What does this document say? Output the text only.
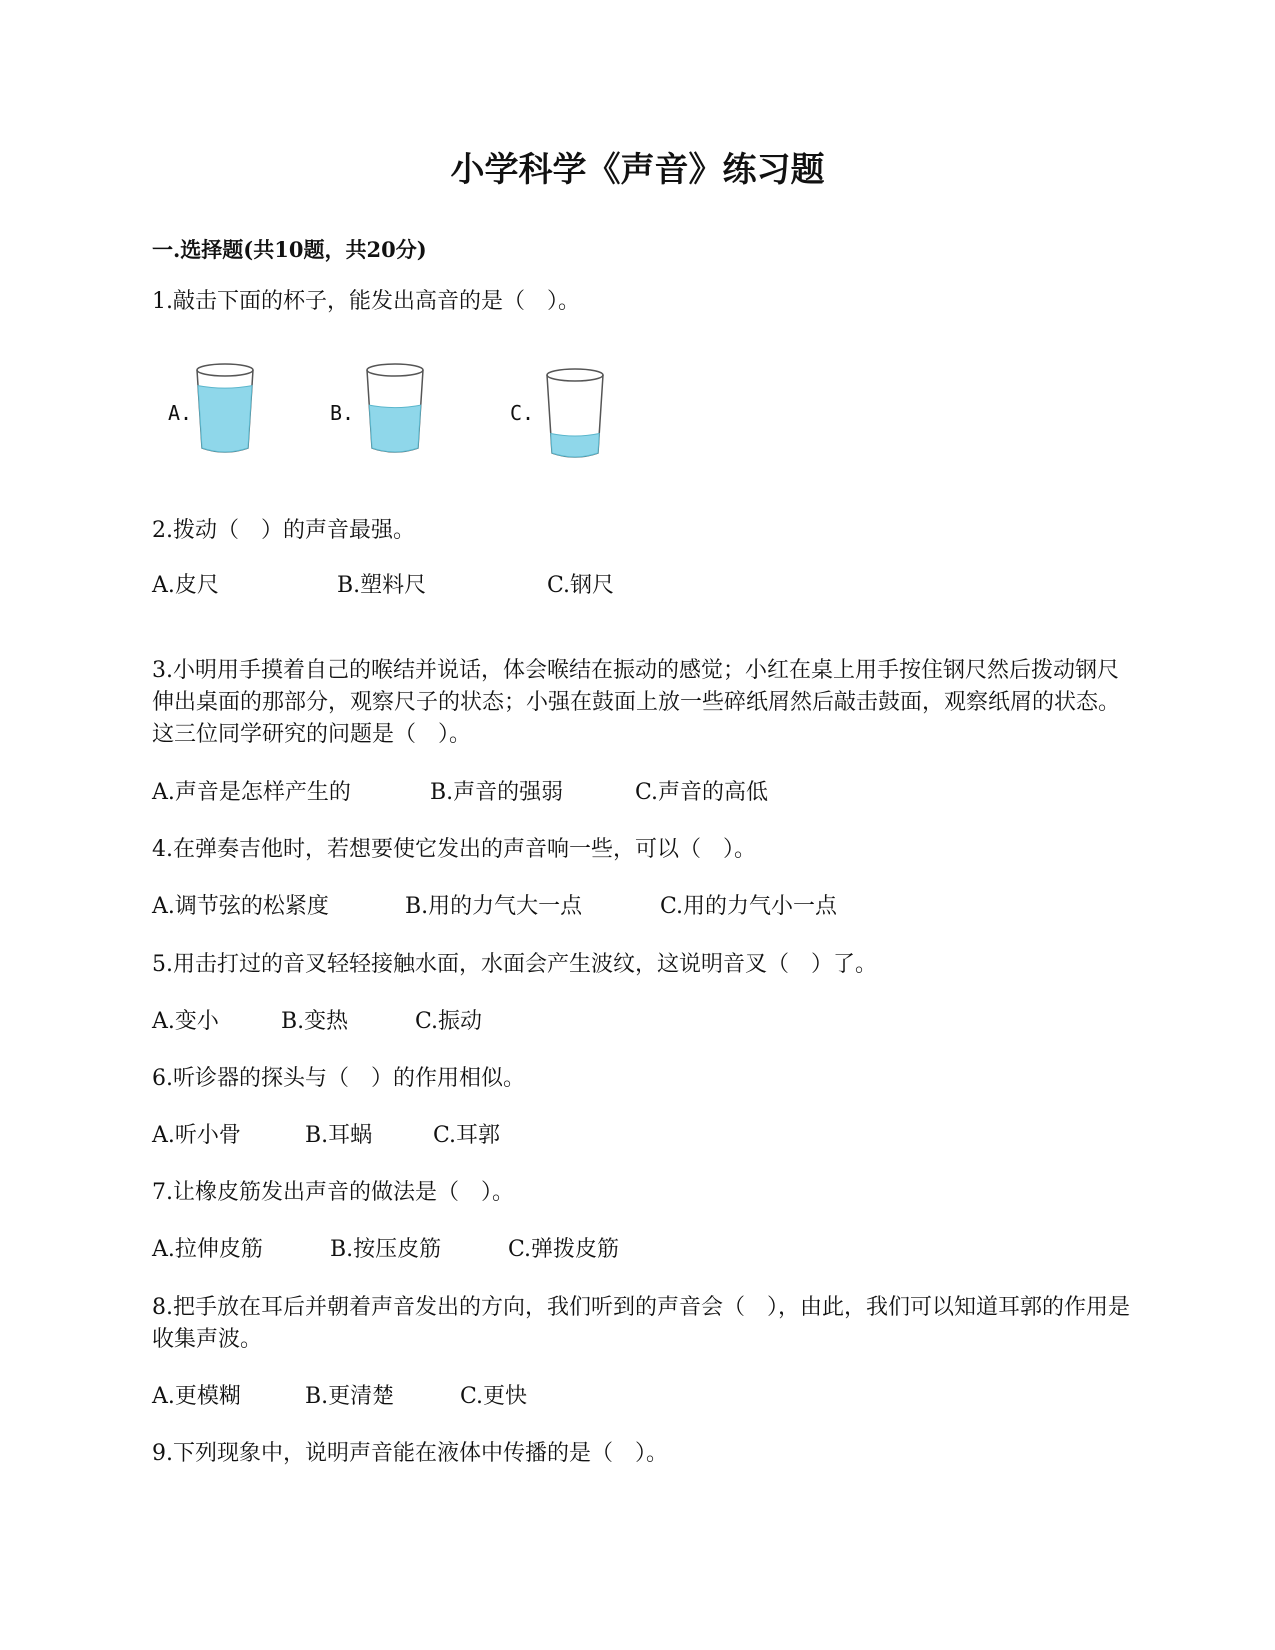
小学科学《声音》练习题
一.选择题(共10题，共20分)
1.敲击下面的杯子，能发出高音的是（　）。
A.	B.	C.
2.拨动（　）的声音最强。
A.皮尺	B.塑料尺	C.钢尺
3.小明用手摸着自己的喉结并说话，体会喉结在振动的感觉；小红在桌上用手按住钢尺然后拨动钢尺伸出桌面的那部分，观察尺子的状态；小强在鼓面上放一些碎纸屑然后敲击鼓面，观察纸屑的状态。这三位同学研究的问题是（　）。
A.声音是怎样产生的	B.声音的强弱	C.声音的高低
4.在弹奏吉他时，若想要使它发出的声音响一些，可以（　）。
A.调节弦的松紧度	B.用的力气大一点	C.用的力气小一点
5.用击打过的音叉轻轻接触水面，水面会产生波纹，这说明音叉（　）了。
A.变小	B.变热	C.振动
6.听诊器的探头与（　）的作用相似。
A.听小骨	B.耳蜗	C.耳郭
7.让橡皮筋发出声音的做法是（　）。
A.拉伸皮筋	B.按压皮筋	C.弹拨皮筋
8.把手放在耳后并朝着声音发出的方向，我们听到的声音会（　），由此，我们可以知道耳郭的作用是收集声波。
A.更模糊	B.更清楚	C.更快
9.下列现象中，说明声音能在液体中传播的是（　）。
